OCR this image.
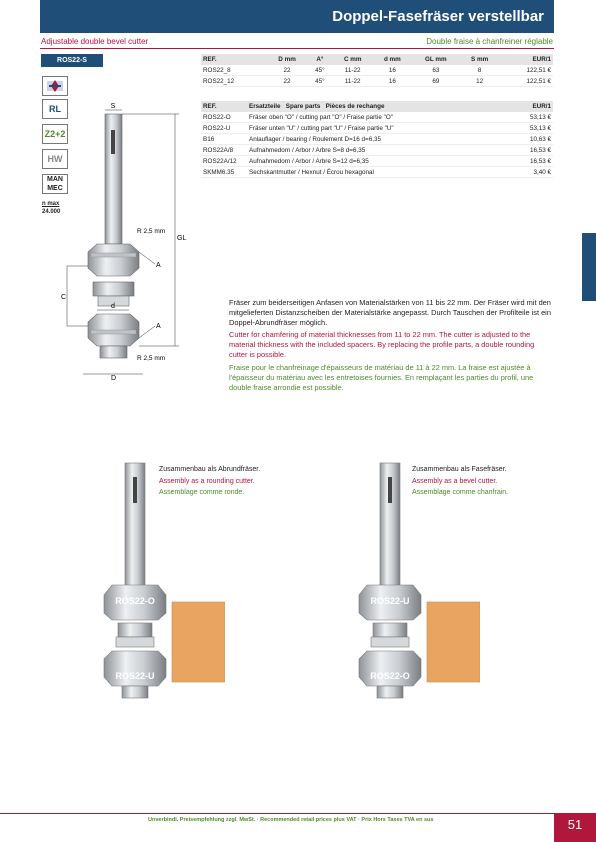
Doppel-Fasefräser verstellbar
Adjustable double bevel cutter	Double fraise à chanfreiner réglable
ROS22-S
RL
Z2+2
HW
MAN MEC
n max
24.000
REF.	D mm	A°	C mm	d mm	GL mm	S mm	EUR/1
ROS22_8	22	45°	11-22	16	63	8	122,51 €
ROS22_12	22	45°	11-22	16	69	12	122,51 €
REF.	Ersatzteile Spare parts Pièces de rechange	EUR/1
ROS22-O	Fräser oben "O" / cutting part "O" / Fraise partie "O"	53,13 €
ROS22-U	Fräser unten "U" / cutting part "U" / Fraise partie "U"	53,13 €
B16	Anlauflager / bearing / Roulement D=16 d=6,35	10,63 €
ROS22A/8	Aufnahmedorn / Arbor / Arbre S=8 d=6,35	16,53 €
ROS22A/12	Aufnahmedorn / Arbor / Arbre S=12 d=6,35	16,53 €
SKMM6.35	Sechskantmutter / Hexnut / Écrou hexagonal	3,40 €
S
GL
C
d
D
A
A
R 2,5 mm
R 2,5 mm
Fräser zum beiderseitigen Anfasen von Materialstärken von 11 bis 22 mm. Der Fräser wird mit den mitgelieferten Distanzscheiben der Materialstärke angepasst. Durch Tauschen der Profilteile ist ein Doppel-Abrundfräser möglich.
Cutter for chamfering of material thicknesses from 11 to 22 mm. The cutter is adjusted to the material thickness with the included spacers. By replacing the profile parts, a double rounding cutter is possible.
Fraise pour le chanfreinage d'épaisseurs de matériau de 11 à 22 mm. La fraise est ajustée à l'épaisseur du matériau avec les entretoises fournies. En remplaçant les parties du profil, une double fraise arrondie est possible.
Zusammenbau als Abrundfräser.
Assembly as a rounding cutter.
Assemblage comme ronde.
ROS22-O
ROS22-U
Zusammenbau als Fasefräser.
Assembly as a bevel cutter.
Assemblage comme chanfrain.
ROS22-U
ROS22-O
Unverbindl. Preisempfehlung zzgl. MwSt. · Recommended retail prices plus VAT · Prix Hors Taxes TVA en sus	51
